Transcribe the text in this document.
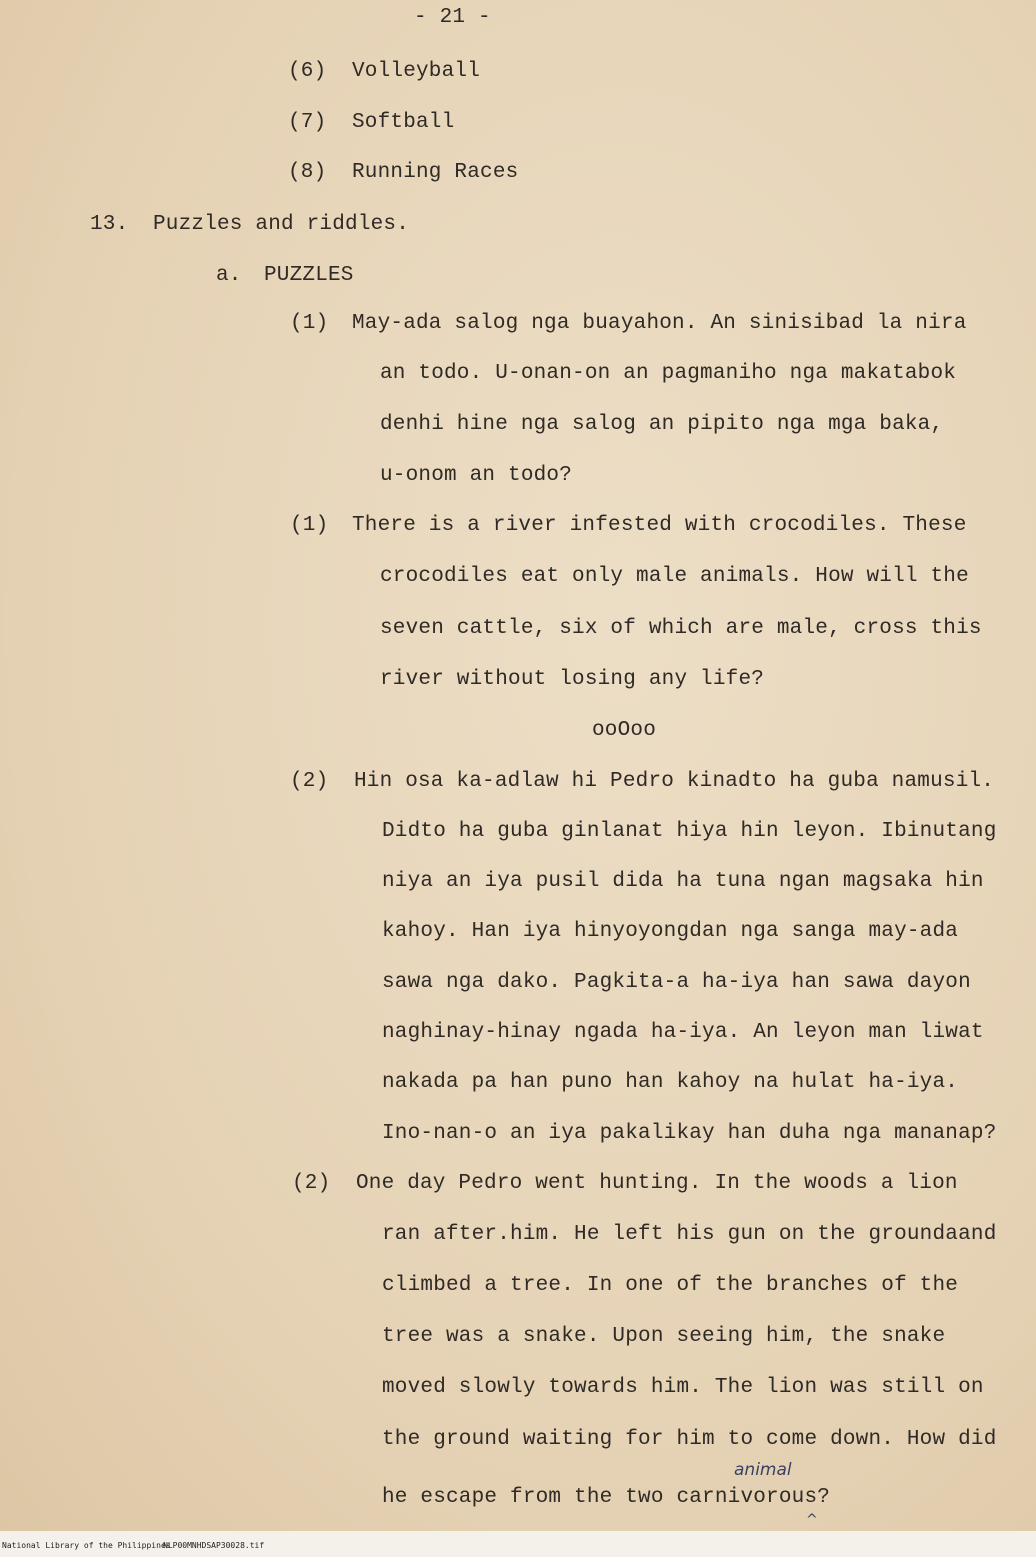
- 21 -
(6) Volleyball
(7) Softball
(8) Running Races
13. Puzzles and riddles.
a. PUZZLES
(1) May-ada salog nga buayahon. An sinisibad la nira
an todo. U-onan-on an pagmaniho nga makatabok
denhi hine nga salog an pipito nga mga baka,
u-onom an todo?
(1) There is a river infested with crocodiles. These
crocodiles eat only male animals. How will the
seven cattle, six of which are male, cross this
river without losing any life?
ooOoo
(2) Hin osa ka-adlaw hi Pedro kinadto ha guba namusil.
Didto ha guba ginlanat hiya hin leyon. Ibinutang
niya an iya pusil dida ha tuna ngan magsaka hin
kahoy. Han iya hinyoyongdan nga sanga may-ada
sawa nga dako. Pagkita-a ha-iya han sawa dayon
naghinay-hinay ngada ha-iya. An leyon man liwat
nakada pa han puno han kahoy na hulat ha-iya.
Ino-nan-o an iya pakalikay han duha nga mananap?
(2) One day Pedro went hunting. In the woods a lion
ran after.him. He left his gun on the groundaand
climbed a tree. In one of the branches of the
tree was a snake. Upon seeing him, the snake
moved slowly towards him. The lion was still on
the ground waiting for him to come down. How did
he escape from the two carnivorous?
animal
^
National Library of the Philippines
NLP00MNHDSAP30028.tif
